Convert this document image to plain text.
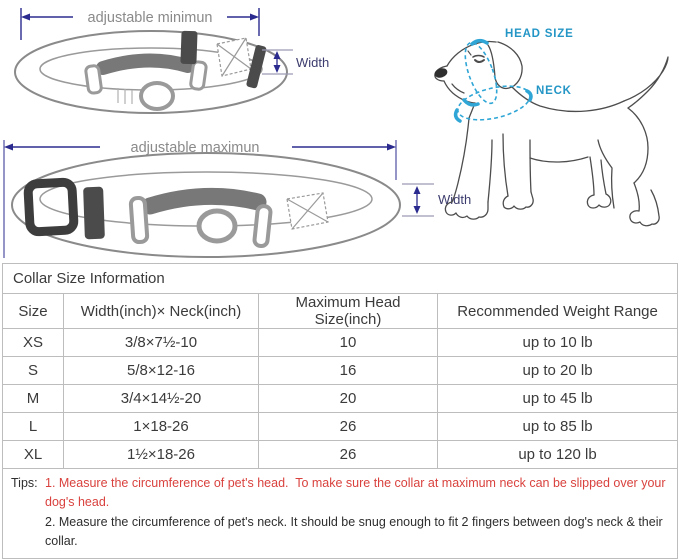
adjustable minimun
Width
adjustable maximun
Width
HEAD SIZE
NECK
Collar Size Information			
Size	Width(inch)× Neck(inch)	Maximum Head Size(inch)	Recommended Weight Range
XS	3/8×7½-10	10	up to 10 lb
S	5/8×12-16	16	up to 20 lb
M	3/4×14½-20	20	up to 45 lb
L	1×18-26	26	up to 85 lb
XL	1½×18-26	26	up to 120 lb

Tips: 1. Measure the circumference of pet's head.  To make sure the collar at maximum neck can be slipped over your dog's head.
2. Measure the circumference of pet's neck. It should be snug enough to fit 2 fingers between dog's neck & their collar.			
